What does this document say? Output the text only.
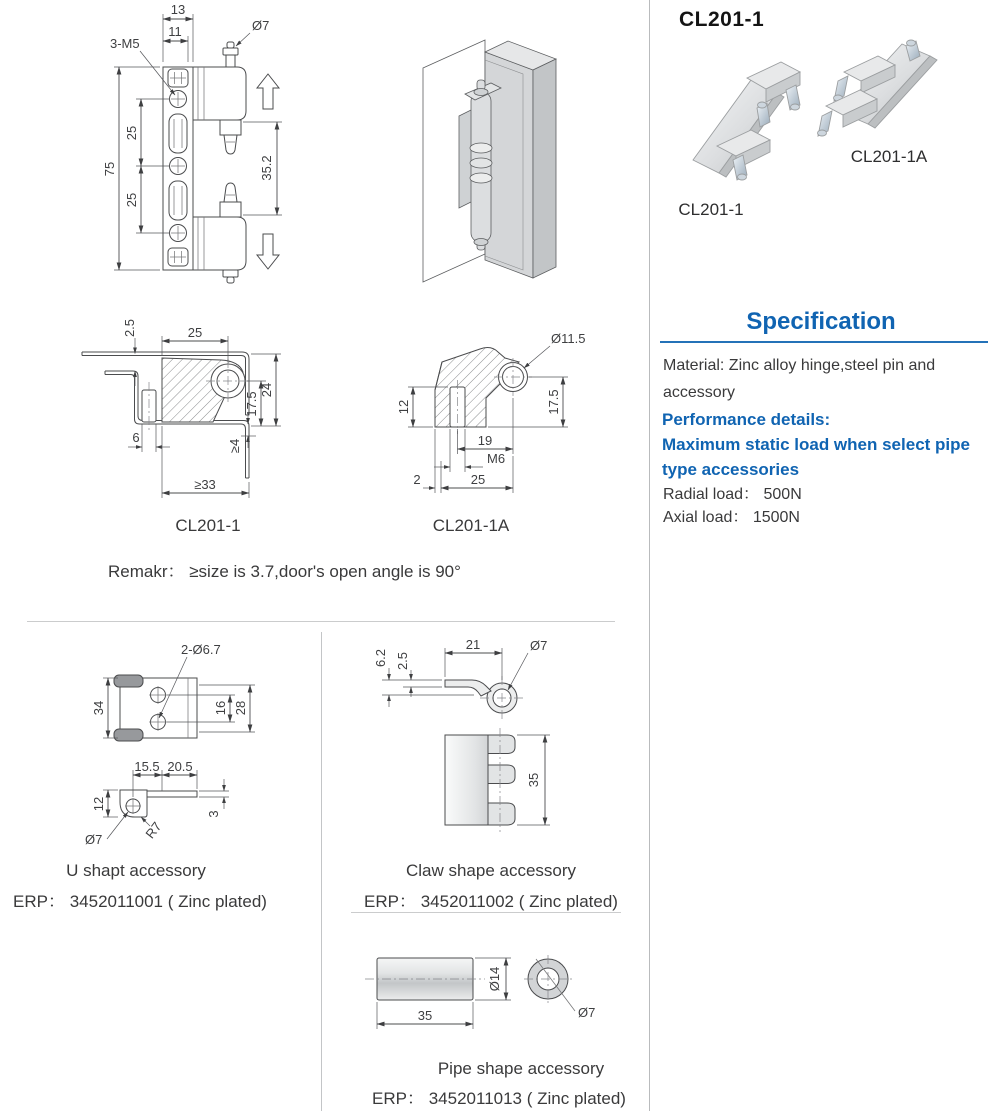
13
11
3-M5
Ø7
75
25
25
35.2
2.5	25
17.5
24
6
≥4
≥33
CL201-1
Ø11.5
12	17.5
19
M6
2	25
CL201-1A
Remakr： ≥size is 3.7,door's open angle is 90°
2-Ø6.7
34	16 28
15.5 20.5
12
3
Ø7	R7
U shapt accessory
ERP： 3452011001 ( Zinc plated)
Ø7
21
6.2 2.5
35
Claw shape accessory
ERP： 3452011002 ( Zinc plated)
35
Ø14
Ø7
Pipe shape accessory
ERP： 3452011013 ( Zinc plated)
CL201-1
CL201-1A
CL201-1
Specification
Material: Zinc alloy hinge,steel pin and accessory
Performance details:
Maximum static load when select pipe type accessories
Radial load： 500N
Axial load： 1500N
